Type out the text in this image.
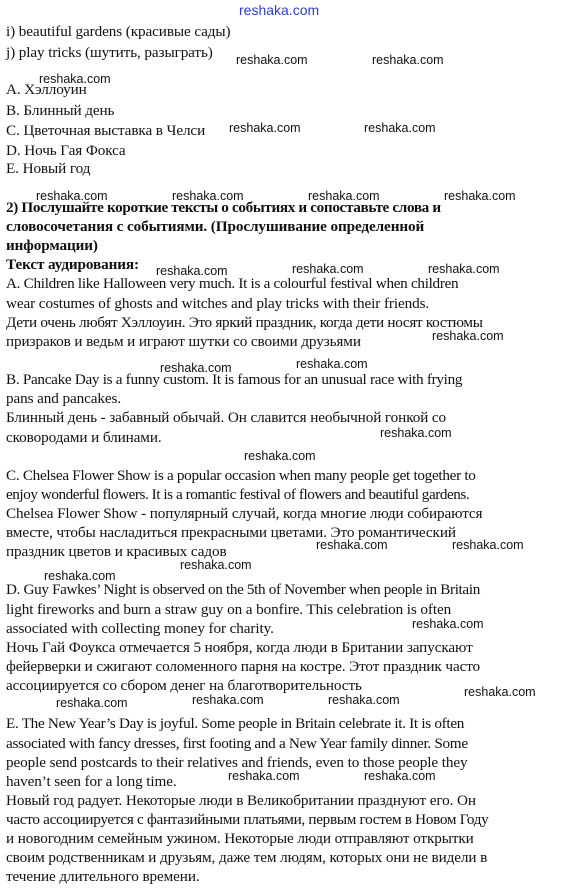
reshaka.com
i) beautiful gardens (красивые сады)
j) play tricks (шутить, разыграть)
A. Хэллоуин
B. Блинный день
C. Цветочная выставка в Челси
D. Ночь Гая Фокса
E. Новый год
2) Послушайте короткие тексты о событиях и сопоставьте слова и
словосочетания с событиями. (Прослушивание определенной
информации)
Текст аудирования:
A. Children like Halloween very much. It is a colourful festival when children
wear costumes of ghosts and witches and play tricks with their friends.
Дети очень любят Хэллоуин. Это яркий праздник, когда дети носят костюмы
призраков и ведьм и играют шутки со своими друзьями
B. Pancake Day is a funny custom. It is famous for an unusual race with frying
pans and pancakes.
Блинный день - забавный обычай. Он славится необычной гонкой со
сковородами и блинами.
C. Chelsea Flower Show is a popular occasion when many people get together to
enjoy wonderful flowers. It is a romantic festival of flowers and beautiful gardens.
Chelsea Flower Show - популярный случай, когда многие люди собираются
вместе, чтобы насладиться прекрасными цветами. Это романтический
праздник цветов и красивых садов
D. Guy Fawkes’ Night is observed on the 5th of November when people in Britain
light fireworks and burn a straw guy on a bonfire. This celebration is often
associated with collecting money for charity.
Ночь Гай Фоукса отмечается 5 ноября, когда люди в Британии запускают
фейерверки и сжигают соломенного парня на костре. Этот праздник часто
ассоциируется со сбором денег на благотворительность
E. The New Year’s Day is joyful. Some people in Britain celebrate it. It is often
associated with fancy dresses, first footing and a New Year family dinner. Some
people send postcards to their relatives and friends, even to those people they
haven’t seen for a long time.
Новый год радует. Некоторые люди в Великобритании празднуют его. Он
часто ассоциируется с фантазийными платьями, первым гостем в Новом Году
и новогодним семейным ужином. Некоторые люди отправляют открытки
своим родственникам и друзьям, даже тем людям, которых они не видели в
течение длительного времени.
reshaka.com	reshaka.com
reshaka.com
reshaka.com	reshaka.com
reshaka.com	reshaka.com	reshaka.com	reshaka.com
reshaka.com	reshaka.com	reshaka.com
reshaka.com
reshaka.com
reshaka.com
reshaka.com
reshaka.com
reshaka.com	reshaka.com
reshaka.com
reshaka.com
reshaka.com
reshaka.com
reshaka.com	reshaka.com	reshaka.com
reshaka.com	reshaka.com
